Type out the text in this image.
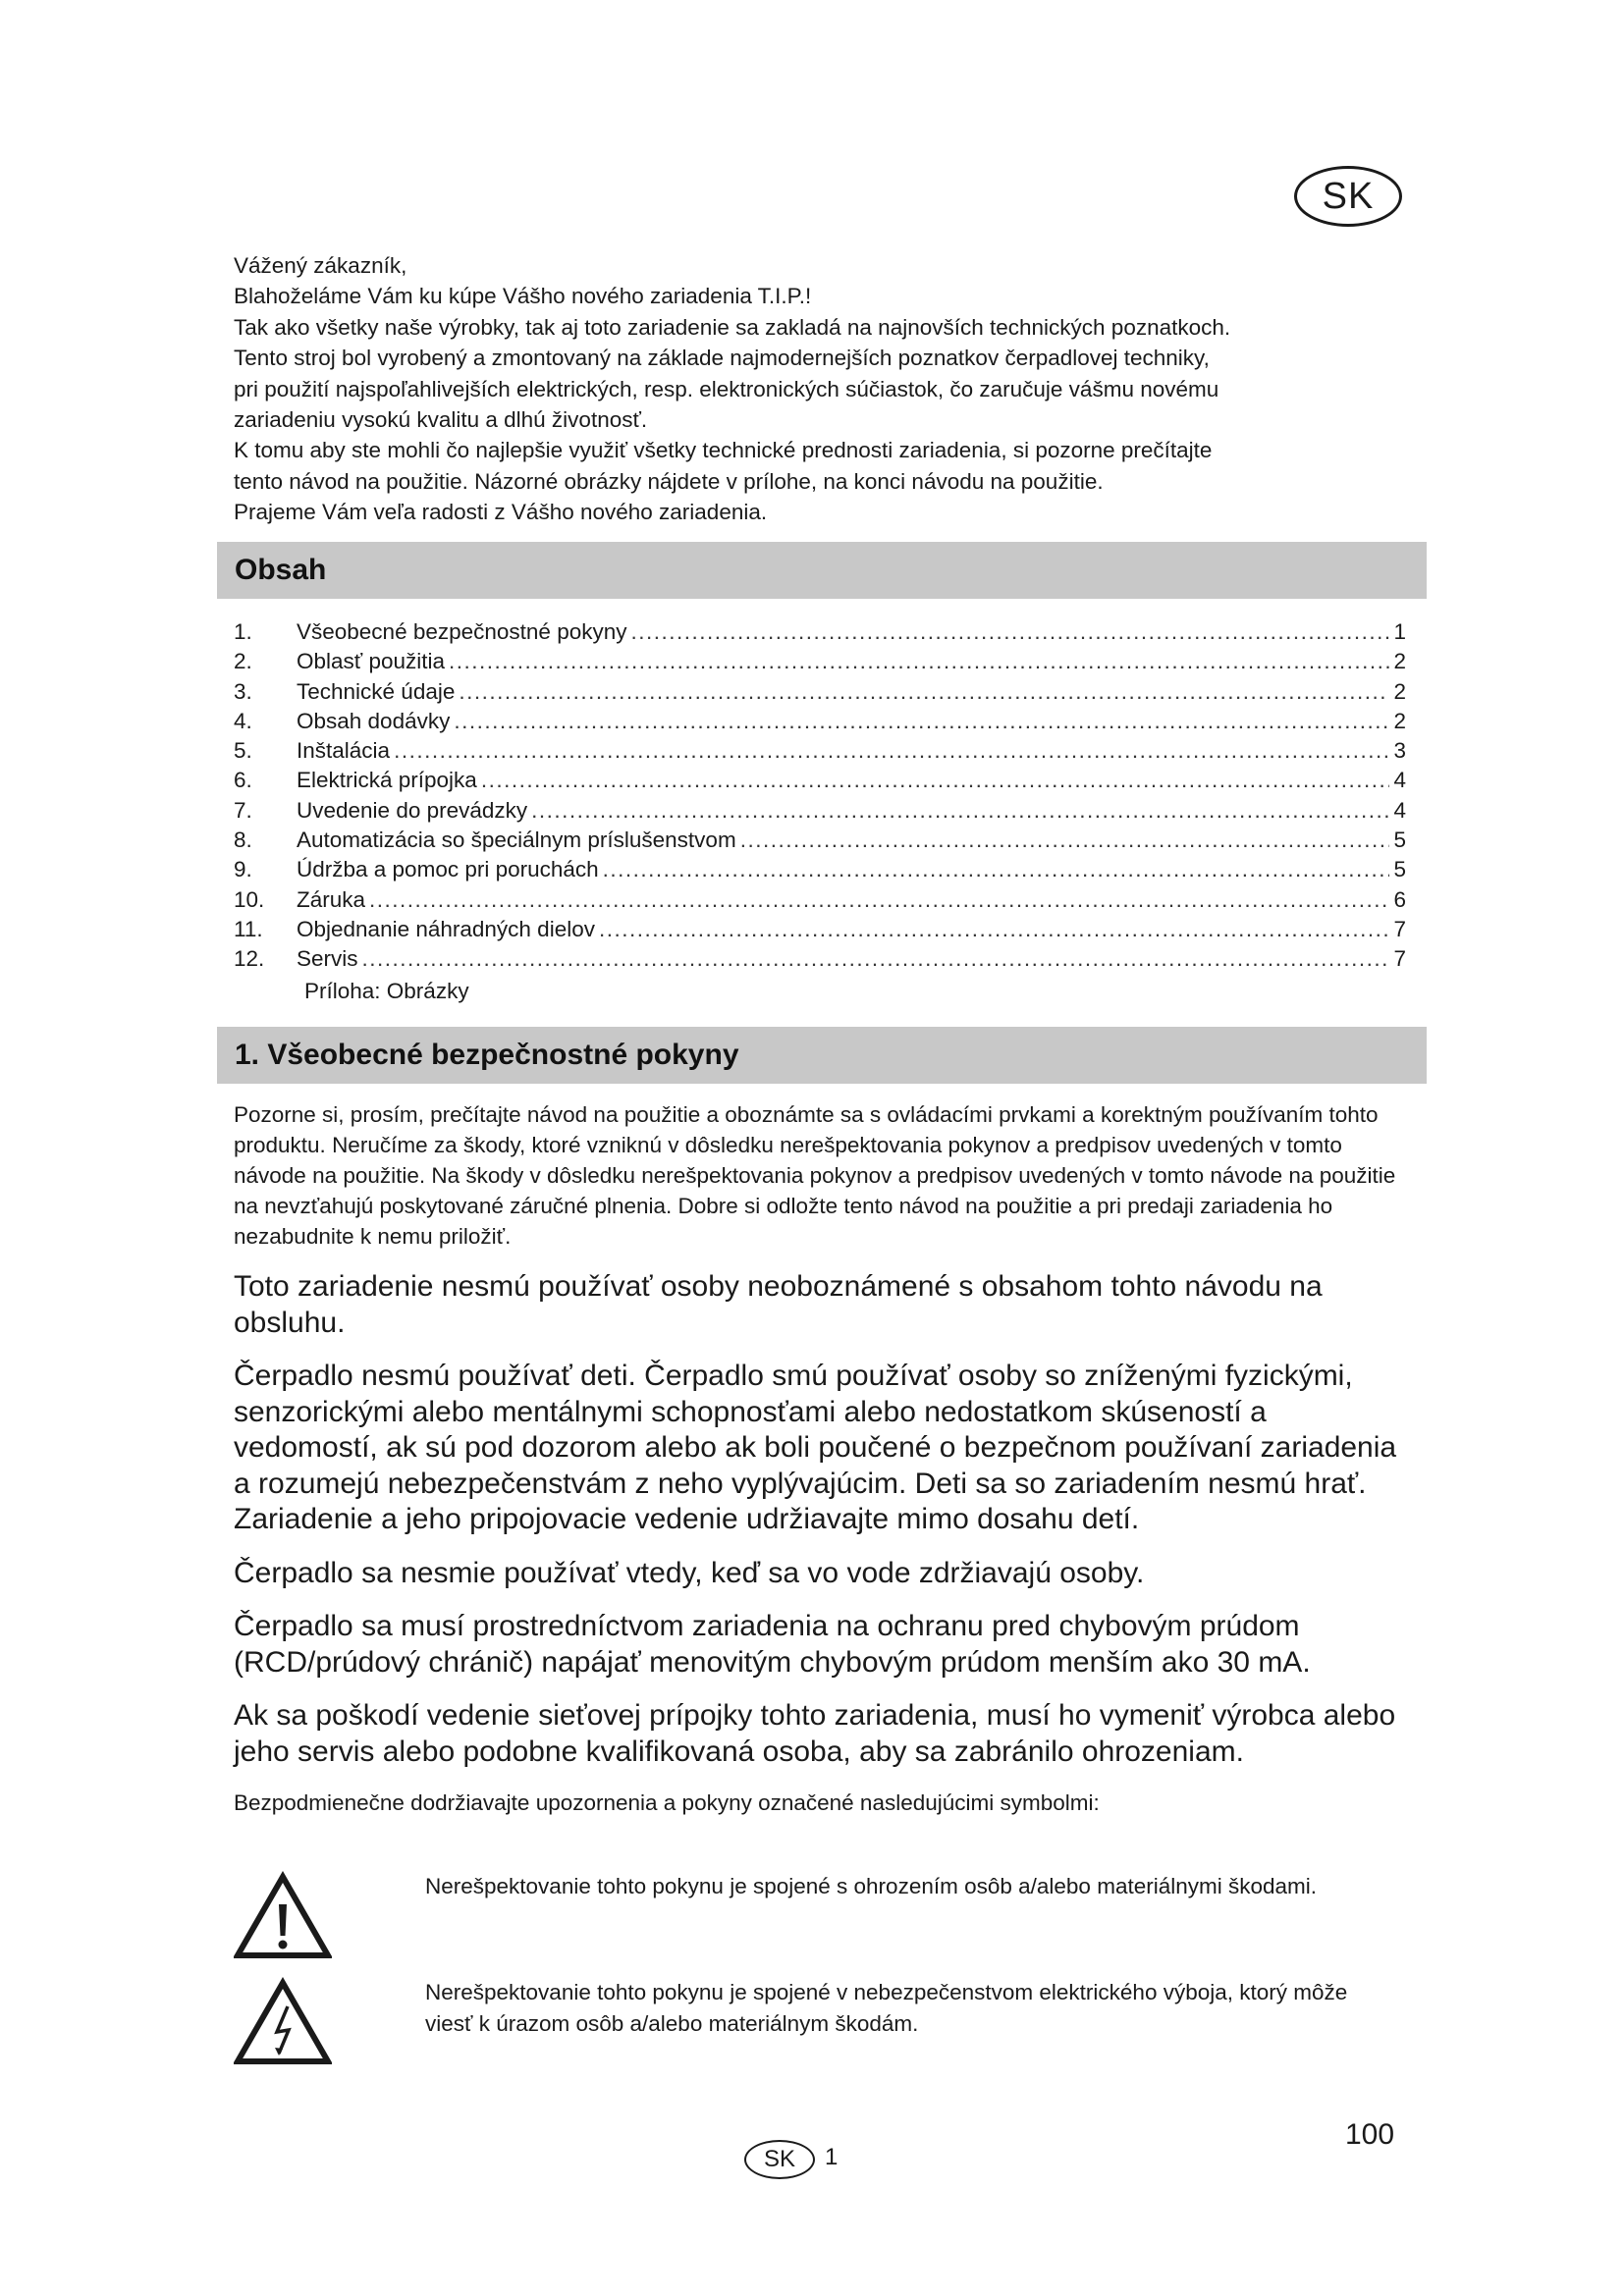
SK

Vážený zákazník,

Blahoželáme Vám ku kúpe Vášho nového zariadenia T.I.P.!

Tak ako všetky naše výrobky, tak aj toto zariadenie sa zakladá na najnovších technických poznatkoch.

Tento stroj bol vyrobený a zmontovaný na základe najmodernejších poznatkov čerpadlovej techniky,

pri použití najspoľahlivejších elektrických, resp. elektronických súčiastok, čo zaručuje vášmu novému

zariadeniu vysokú kvalitu a dlhú životnosť.

K tomu aby ste mohli čo najlepšie využiť všetky technické prednosti zariadenia, si pozorne prečítajte

tento návod na použitie. Názorné obrázky nájdete v prílohe, na konci návodu na použitie.

Prajeme Vám veľa radosti z Vášho nového zariadenia.

Obsah
1.	Všeobecné bezpečnostné pokyny .....	1
2.	Oblasť použitia .....	2
3.	Technické údaje .....	2
4.	Obsah dodávky .....	2
5.	Inštalácia .....	3
6.	Elektrická prípojka .....	4
7.	Uvedenie do prevádzky .....	4
8.	Automatizácia so špeciálnym príslušenstvom .....	5
9.	Údržba a pomoc pri poruchách .....	5
10.	Záruka .....	6
11.	Objednanie náhradných dielov .....	7
12.	Servis .....	7
Príloha: Obrázky
1. Všeobecné bezpečnostné pokyny

Pozorne si, prosím, prečítajte návod na použitie a oboznámte sa s ovládacími prvkami a korektným používaním tohto produktu. Neručíme za škody, ktoré vzniknú v dôsledku nerešpektovania pokynov a predpisov uvedených v tomto návode na použitie. Na škody v dôsledku nerešpektovania pokynov a predpisov uvedených v tomto návode na použitie na nevzťahujú poskytované záručné plnenia. Dobre si odložte tento návod na použitie a pri predaji zariadenia ho nezabudnite k nemu priložiť.

Toto zariadenie nesmú používať osoby neoboznámené s obsahom tohto návodu na obsluhu.

Čerpadlo nesmú používať deti. Čerpadlo smú používať osoby so zníženými fyzickými, senzorickými alebo mentálnymi schopnosťami alebo nedostatkom skúseností a vedomostí, ak sú pod dozorom alebo ak boli poučené o bezpečnom používaní zariadenia a rozumejú nebezpečenstvám z neho vyplývajúcim. Deti sa so zariadením nesmú hrať. Zariadenie a jeho pripojovacie vedenie udržiavajte mimo dosahu detí.

Čerpadlo sa nesmie používať vtedy, keď sa vo vode zdržiavajú osoby.

Čerpadlo sa musí prostredníctvom zariadenia na ochranu pred chybovým prúdom (RCD/prúdový chránič) napájať menovitým chybovým prúdom menším ako 30 mA.

Ak sa poškodí vedenie sieťovej prípojky tohto zariadenia, musí ho vymeniť výrobca alebo jeho servis alebo podobne kvalifikovaná osoba, aby sa zabránilo ohrozeniam.

Bezpodmienečne dodržiavajte upozornenia a pokyny označené nasledujúcimi symbolmi:

Nerešpektovanie tohto pokynu je spojené s ohrozením osôb a/alebo materiálnymi škodami.
Nerešpektovanie tohto pokynu je spojené v nebezpečenstvom elektrického výboja, ktorý môže viesť k úrazom osôb a/alebo materiálnym škodám.
SK 1
100
